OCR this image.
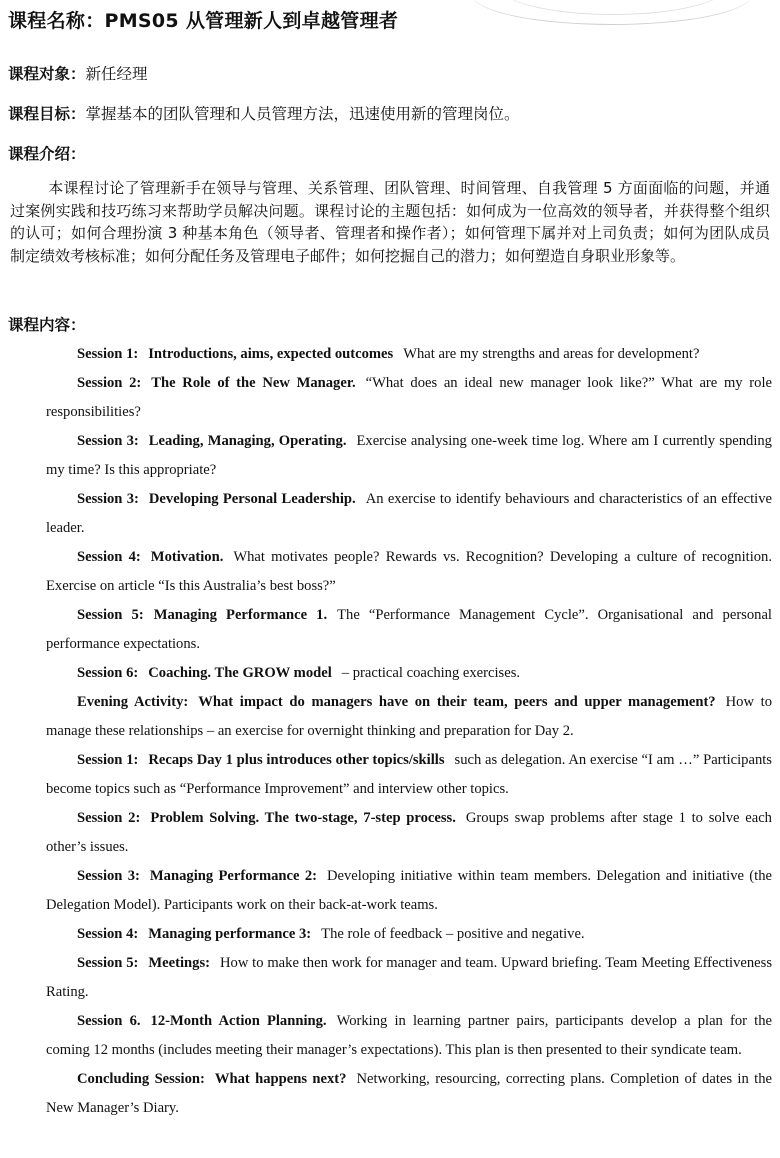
课程名称：PMS05 从管理新人到卓越管理者

课程对象：新任经理

课程目标：掌握基本的团队管理和人员管理方法，迅速使用新的管理岗位。

课程介绍：

本课程讨论了管理新手在领导与管理、关系管理、团队管理、时间管理、自我管理 5 方面面临的问题，并通过案例实践和技巧练习来帮助学员解决问题。课程讨论的主题包括：如何成为一位高效的领导者，并获得整个组织的认可；如何合理扮演 3 种基本角色（领导者、管理者和操作者）；如何管理下属并对上司负责；如何为团队成员制定绩效考核标准；如何分配任务及管理电子邮件；如何挖掘自己的潜力；如何塑造自身职业形象等。

课程内容：

Session 1: Introductions, aims, expected outcomes What are my strengths and areas for development?

Session 2: The Role of the New Manager. “What does an ideal new manager look like?” What are my role responsibilities?

Session 3: Leading, Managing, Operating. Exercise analysing one-week time log. Where am I currently spending my time? Is this appropriate?

Session 3: Developing Personal Leadership. An exercise to identify behaviours and characteristics of an effective leader.

Session 4: Motivation. What motivates people? Rewards vs. Recognition? Developing a culture of recognition. Exercise on article “Is this Australia’s best boss?”

Session 5: Managing Performance 1. The “Performance Management Cycle”. Organisational and personal performance expectations.

Session 6: Coaching. The GROW model – practical coaching exercises.

Evening Activity: What impact do managers have on their team, peers and upper management? How to manage these relationships – an exercise for overnight thinking and preparation for Day 2.

Session 1: Recaps Day 1 plus introduces other topics/skills such as delegation. An exercise “I am …” Participants become topics such as “Performance Improvement” and interview other topics.

Session 2: Problem Solving. The two-stage, 7-step process. Groups swap problems after stage 1 to solve each other’s issues.

Session 3: Managing Performance 2: Developing initiative within team members. Delegation and initiative (the Delegation Model). Participants work on their back-at-work teams.

Session 4: Managing performance 3: The role of feedback – positive and negative.

Session 5: Meetings: How to make then work for manager and team. Upward briefing. Team Meeting Effectiveness Rating.

Session 6. 12-Month Action Planning. Working in learning partner pairs, participants develop a plan for the coming 12 months (includes meeting their manager’s expectations). This plan is then presented to their syndicate team.

Concluding Session: What happens next? Networking, resourcing, correcting plans. Completion of dates in the New Manager’s Diary.
